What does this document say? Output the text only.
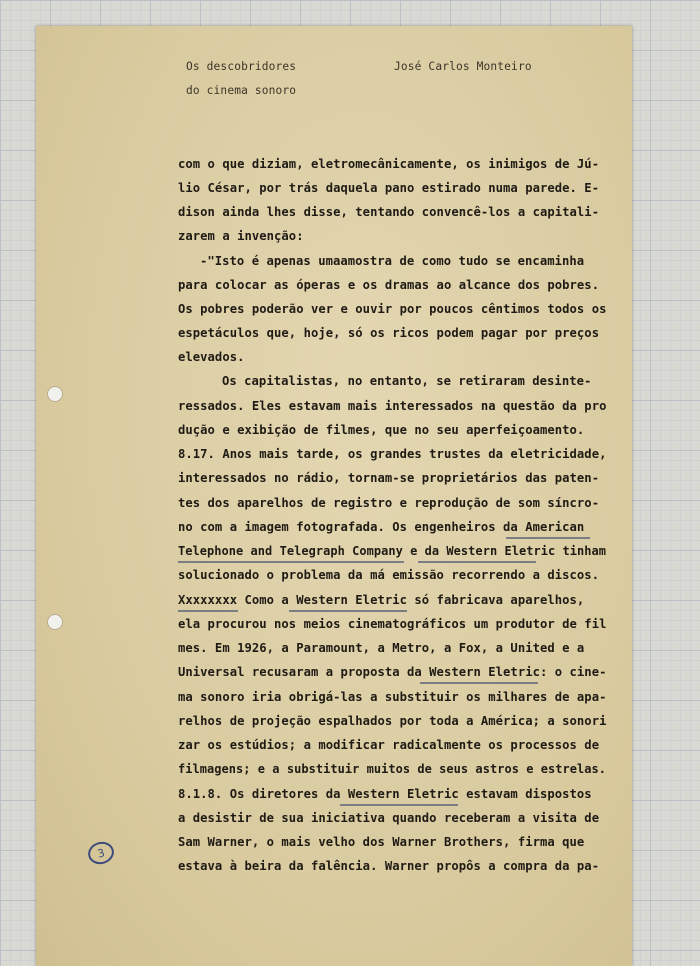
Os descobridores
do cinema sonoro
José Carlos Monteiro
com o que diziam, eletromecânicamente, os inimigos de Jú-
lio César, por trás daquela pano estirado numa parede. E-
dison ainda lhes disse, tentando convencê-los a capitali-
zarem a invenção:
-"Isto é apenas umaamostra de como tudo se encaminha
para colocar as óperas e os dramas ao alcance dos pobres.
Os pobres poderão ver e ouvir por poucos cêntimos todos os
espetáculos que, hoje, só os ricos podem pagar por preços
elevados.
Os capitalistas, no entanto, se retiraram desinte-
ressados. Eles estavam mais interessados na questão da pro
dução e exibição de filmes, que no seu aperfeiçoamento.
8.17. Anos mais tarde, os grandes trustes da eletricidade,
interessados no rádio, tornam-se proprietários das paten-
tes dos aparelhos de registro e reprodução de som síncro-
no com a imagem fotografada. Os engenheiros da American
Telephone and Telegraph Company e da Western Eletric tinham
solucionado o problema da má emissão recorrendo a discos.
Xxxxxxxx Como a Western Eletric só fabricava aparelhos,
ela procurou nos meios cinematográficos um produtor de fil
mes. Em 1926, a Paramount, a Metro, a Fox, a United e a
Universal recusaram a proposta da Western Eletric: o cine-
ma sonoro iria obrigá-las a substituir os milhares de apa-
relhos de projeção espalhados por toda a América; a sonori
zar os estúdios; a modificar radicalmente os processos de
filmagens; e a substituir muitos de seus astros e estrelas.
8.1.8. Os diretores da Western Eletric estavam dispostos
a desistir de sua iniciativa quando receberam a visita de
Sam Warner, o mais velho dos Warner Brothers, firma que
estava à beira da falência. Warner propôs a compra da pa-
3
